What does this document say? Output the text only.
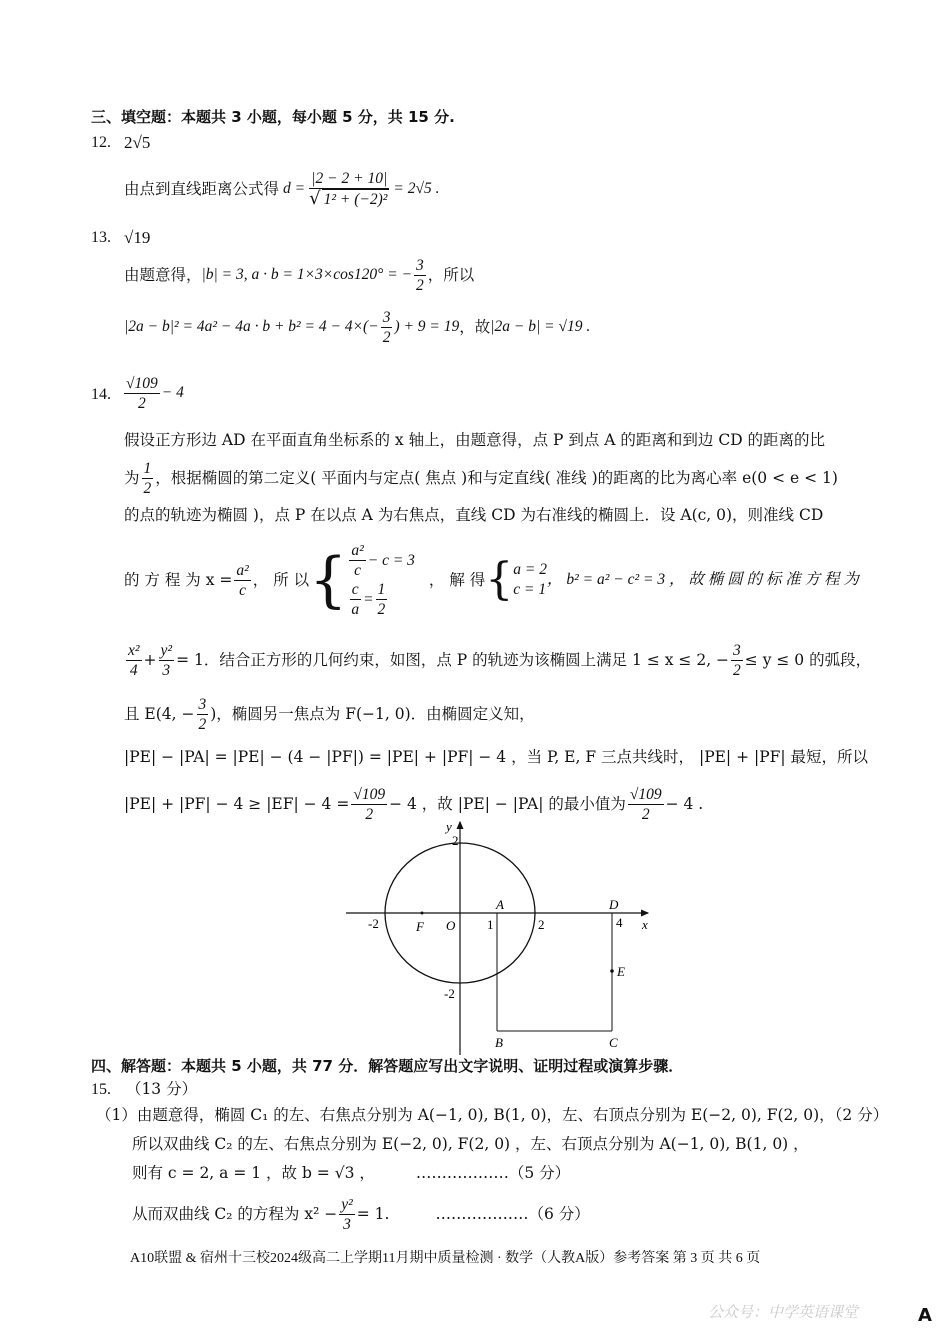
三、填空题：本题共 3 小题，每小题 5 分，共 15 分.
12. 2√5
由点到直线距离公式得 $d = \frac{|2 - 2 + 10|}{\text{√ 1² + (−2)²}} = 2√5$ .
13. √19
由题意得， |b| = 3, a · b = 1×3×cos120° = − $\frac{3}{2}$ ，所以
$|2a - b|^2 = 4a^2 - 4a \cdot b + b^2 = 4 - 4\times(- \frac{3}{2}$ ) + 9 = 19 ，故 |2a − b| = √19 .
14. $\frac{√109}{2} - 4$
假设正方形边 AD 在平面直角坐标系的 x 轴上，由题意得，点 P 到点 A 的距离和到边 CD 的距离的比
为 $\frac{1}{2}$ ，根据椭圆的第二定义( 平面内与定点( 焦点 )和与定直线( 准线 )的距离的比为离心率 e(0 < e < 1)
的点的轨迹为椭圆 )，点 P 在以点 A 为右焦点，直线 CD 为右准线的椭圆上．设 A(c, 0)，则准线 CD
的 方 程 为 $x = \frac{\text{a²}}{c}$ ， 所 以 { $\frac{\text{a²}}{c} - c = 3$
$\frac{c}{a} = \frac{1}{2}$	， 解 得 { a = 2
c = 1
， b² = a² − c² = 3 ， 故 椭 圆 的 标 准 方 程 为
$\frac{\text{x²}}{4} + \frac{\text{y²}}{3} = 1$．结合正方形的几何约束，如图，点 P 的轨迹为该椭圆上满足 1 ≤ x ≤ 2, − $\frac{3}{2} \le y \le 0$ 的弧段，
且 E(4, − $\frac{3}{2}$ )，椭圆另一焦点为 F(−1, 0)．由椭圆定义知，
|PE| − |PA| = |PE| − (4 − |PF|) = |PE| + |PF| − 4 ，当 P, E, F 三点共线时， |PE| + |PF| 最短，所以
$|PE| + |PF| - 4 \ge |EF| - 4 = \frac{√109}{2} - 4$ ，故 |PE| − |PA| 的最小值为 $\frac{√109}{2} - 4$ .
y
2
-2	F O 1
A
2
D
4 x
E
-2
B	C
四、解答题：本题共 5 小题，共 77 分．解答题应写出文字说明、证明过程或演算步骤．
15. （13 分）
（1）由题意得，椭圆 C₁ 的左、右焦点分别为 A(−1, 0), B(1, 0)，左、右顶点分别为 E(−2, 0), F(2, 0)，（2 分）
所以双曲线 C₂ 的左、右焦点分别为 E(−2, 0), F(2, 0) ，左、右顶点分别为 A(−1, 0), B(1, 0) ，
则有 c = 2, a = 1 ，故 b = √3 ，	………………（5 分）
从而双曲线 C₂ 的方程为 $x^2 - \frac{\text{y²}}{3} = 1$.	………………（6 分）
A10联盟 & 宿州十三校2024级高二上学期11月期中质量检测 · 数学（人教A版）参考答案 第 3 页 共 6 页
公众号：中学英语课堂	A
